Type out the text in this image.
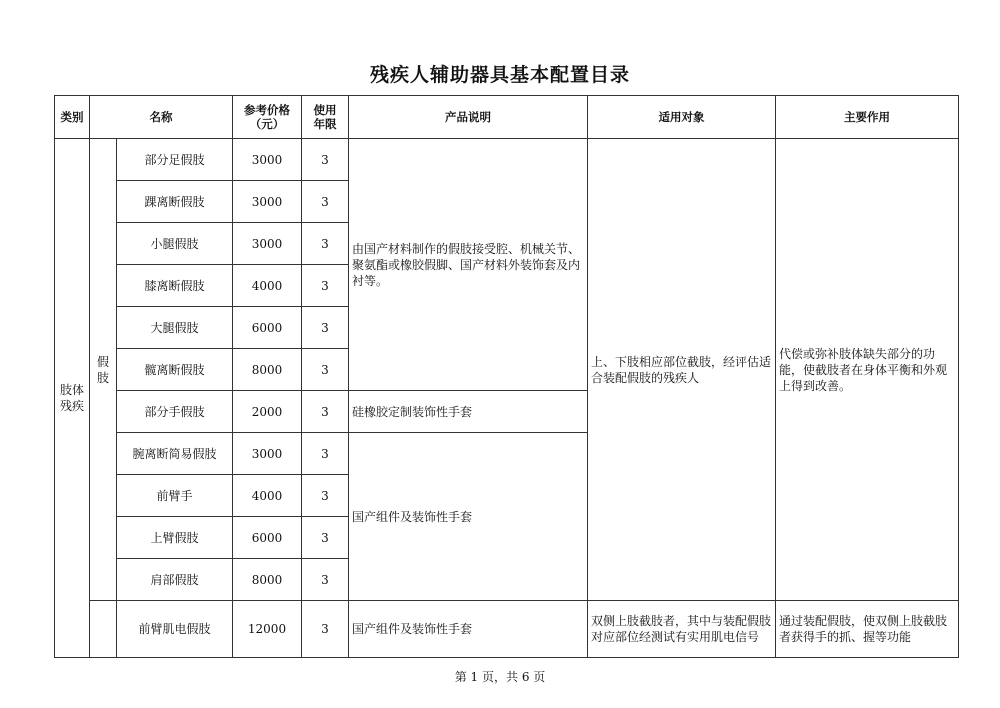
残疾人辅助器具基本配置目录
类别	名称		参考价格（元）	使用年限	产品说明	适用对象	主要作用

肢体残疾	假肢	部分足假肢	3000	3	由国产材料制作的假肢接受腔、机械关节、聚氨酯或橡胶假脚、国产材料外装饰套及内衬等。	上、下肢相应部位截肢，经评估适合装配假肢的残疾人	代偿或弥补肢体缺失部分的功能，使截肢者在身体平衡和外观上得到改善。
		踝离断假肢	3000	3			
		小腿假肢	3000	3			
		膝离断假肢	4000	3			
		大腿假肢	6000	3			
		髋离断假肢	8000	3			
		部分手假肢	2000	3	硅橡胶定制装饰性手套		
		腕离断简易假肢	3000	3	国产组件及装饰性手套		
		前臂手	4000	3			
		上臂假肢	6000	3			
		肩部假肢	8000	3			
		前臂肌电假肢	12000	3	国产组件及装饰性手套	双侧上肢截肢者，其中与装配假肢对应部位经测试有实用肌电信号	通过装配假肢，使双侧上肢截肢者获得手的抓、握等功能
第 1 页，共 6 页
